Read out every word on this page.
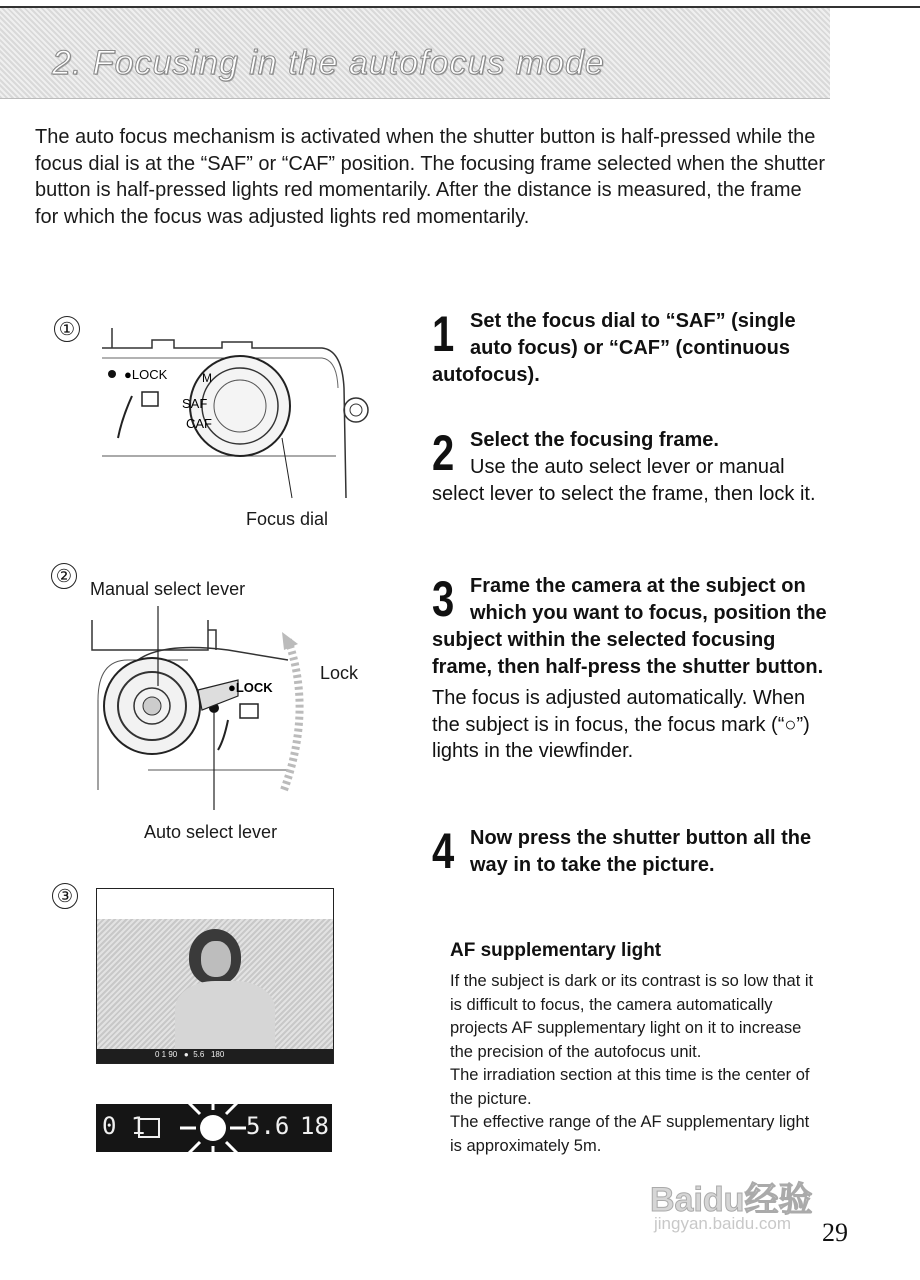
2. Focusing in the autofocus mode
The auto focus mechanism is activated when the shutter button is half-pressed while the focus dial is at the “SAF” or “CAF” position. The focusing frame selected when the shutter button is half-pressed lights red momentarily. After the distance is measured, the frame for which the focus was adjusted lights red momentarily.
①
●LOCK	M
SAF
CAF
Focus dial
②
Manual select lever
●LOCK
Lock
Auto select lever
③
0 1 90   ●  5.6   180
0 1	5.6 18
1 Set the focus dial to “SAF” (single auto focus) or “CAF” (continuous autofocus).
2 Select the focusing frame.
Use the auto select lever or manual select lever to select the frame, then lock it.
3 Frame the camera at the subject on which you want to focus, position the subject within the selected focusing frame, then half-press the shutter button.
The focus is adjusted automatically. When the subject is in focus, the focus mark (“○”) lights in the viewfinder.
4 Now press the shutter button all the way in to take the picture.
AF supplementary light
If the subject is dark or its contrast is so low that it is difficult to focus, the camera automatically projects AF supplementary light on it to increase the precision of the autofocus unit.
The irradiation section at this time is the center of the picture.
The effective range of the AF supplementary light is approximately 5m.
Baidu经验
jingyan.baidu.com 29
